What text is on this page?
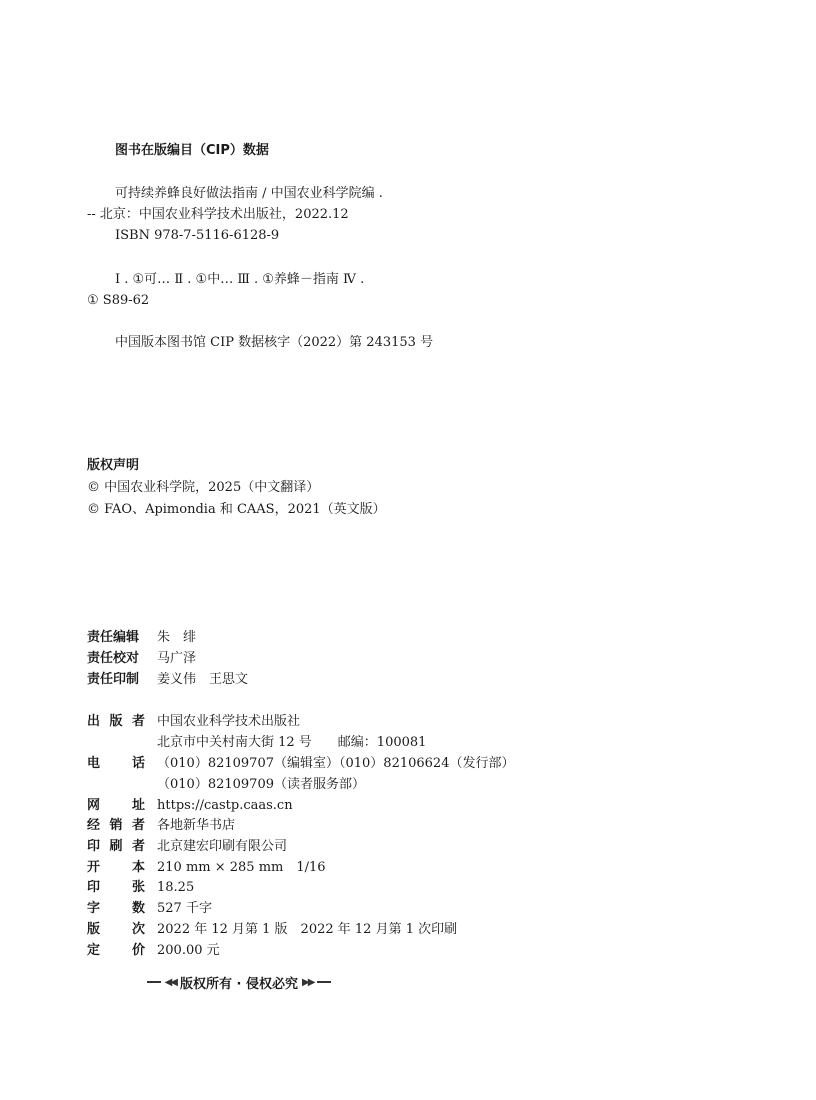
图书在版编目（CIP）数据
可持续养蜂良好做法指南 / 中国农业科学院编 .
-- 北京：中国农业科学技术出版社，2022.12
ISBN 978-7-5116-6128-9
Ⅰ . ①可… Ⅱ . ①中… Ⅲ . ①养蜂－指南 Ⅳ .
① S89-62
中国版本图书馆 CIP 数据核字（2022）第 243153 号
版权声明
© 中国农业科学院，2025（中文翻译）
© FAO、Apimondia 和 CAAS，2021（英文版）
责任编辑	朱　绯
责任校对	马广泽
责任印制	姜义伟　王思文
出 版 者 中国农业科学技术出版社
北京市中关村南大街 12 号　　邮编：100081
电 话 （010）82109707（编辑室）（010）82106624（发行部）
（010）82109709（读者服务部）
网 址 https://castp.caas.cn
经 销 者 各地新华书店
印 刷 者 北京建宏印刷有限公司
开 本 210 mm × 285 mm　1/16
印 张 18.25
字 数 527 千字
版 次 2022 年 12 月第 1 版　2022 年 12 月第 1 次印刷
定 价 200.00 元
◀◀ 版权所有 · 侵权必究 ▶▶
